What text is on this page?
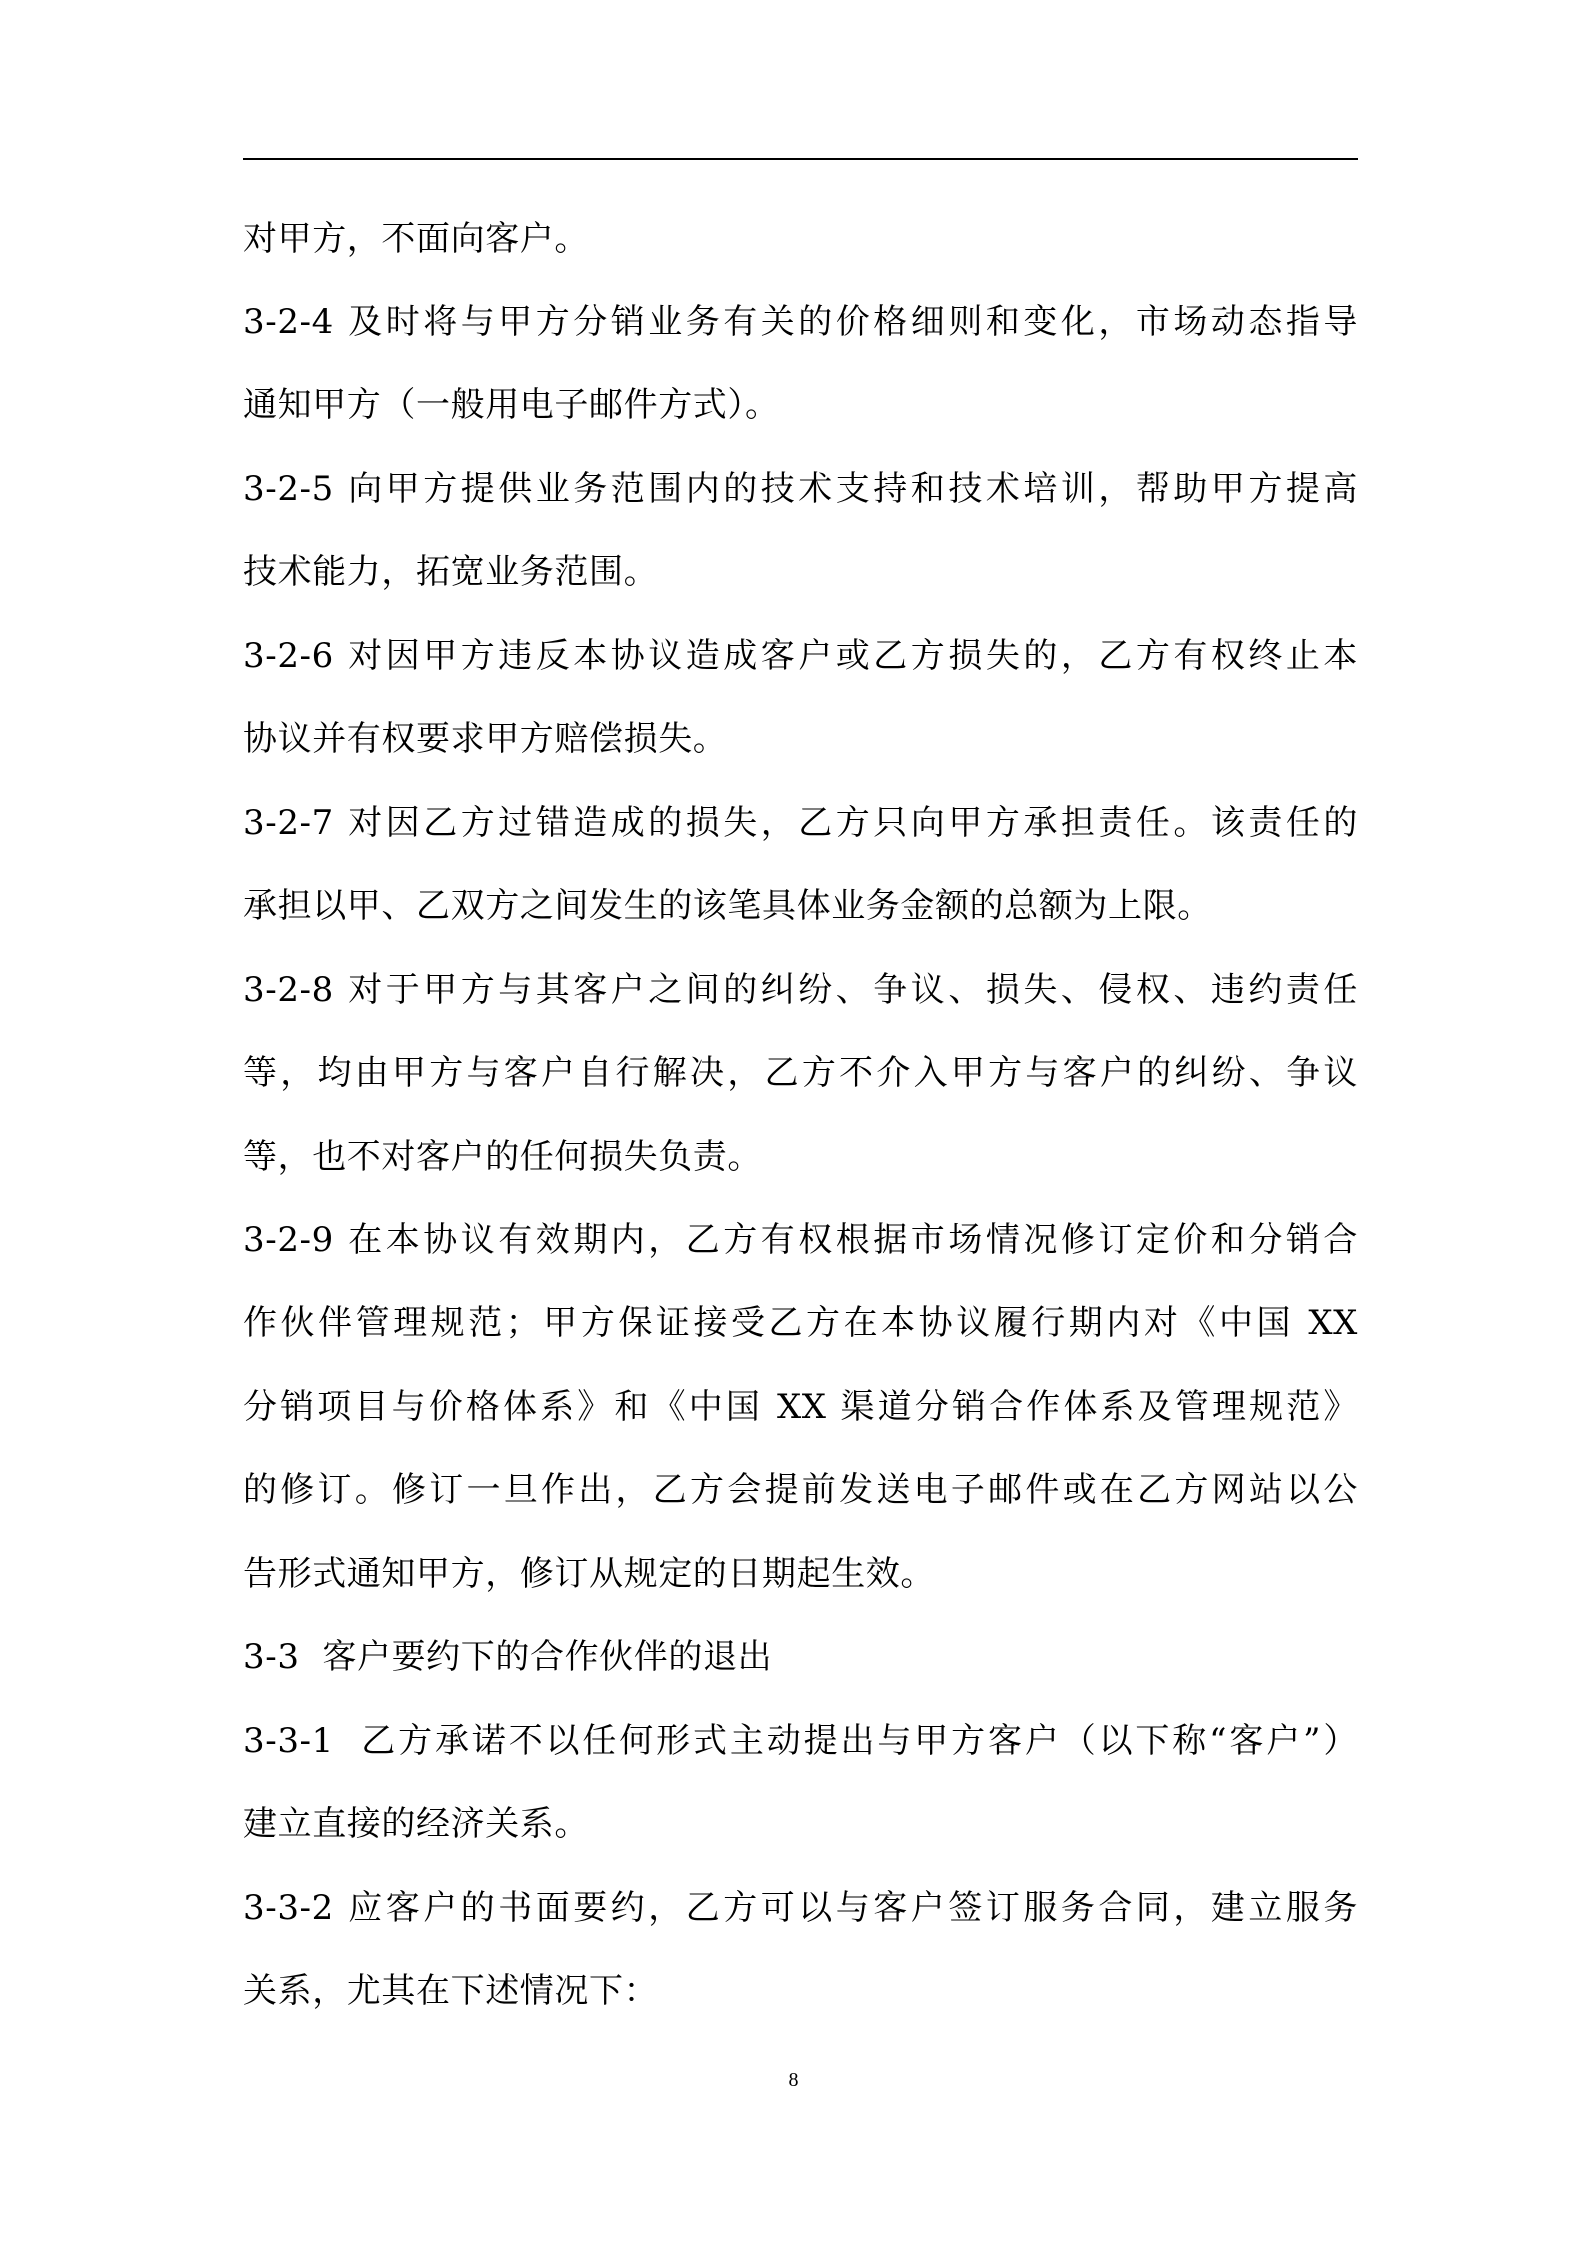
对甲方，不面向客户。

3-2-4 及时将与甲方分销业务有关的价格细则和变化，市场动态指导

通知甲方（一般用电子邮件方式）。

3-2-5 向甲方提供业务范围内的技术支持和技术培训，帮助甲方提高

技术能力，拓宽业务范围。

3-2-6 对因甲方违反本协议造成客户或乙方损失的，乙方有权终止本

协议并有权要求甲方赔偿损失。

3-2-7 对因乙方过错造成的损失，乙方只向甲方承担责任。该责任的

承担以甲、乙双方之间发生的该笔具体业务金额的总额为上限。

3-2-8 对于甲方与其客户之间的纠纷、争议、损失、侵权、违约责任

等，均由甲方与客户自行解决，乙方不介入甲方与客户的纠纷、争议

等，也不对客户的任何损失负责。

3-2-9 在本协议有效期内，乙方有权根据市场情况修订定价和分销合

作伙伴管理规范；甲方保证接受乙方在本协议履行期内对《中国 XX

分销项目与价格体系》和《中国 XX 渠道分销合作体系及管理规范》

的修订。修订一旦作出，乙方会提前发送电子邮件或在乙方网站以公

告形式通知甲方，修订从规定的日期起生效。

3-3  客户要约下的合作伙伴的退出

3-3-1  乙方承诺不以任何形式主动提出与甲方客户（以下称“客户”）

建立直接的经济关系。

3-3-2 应客户的书面要约，乙方可以与客户签订服务合同，建立服务

关系，尤其在下述情况下：

8
